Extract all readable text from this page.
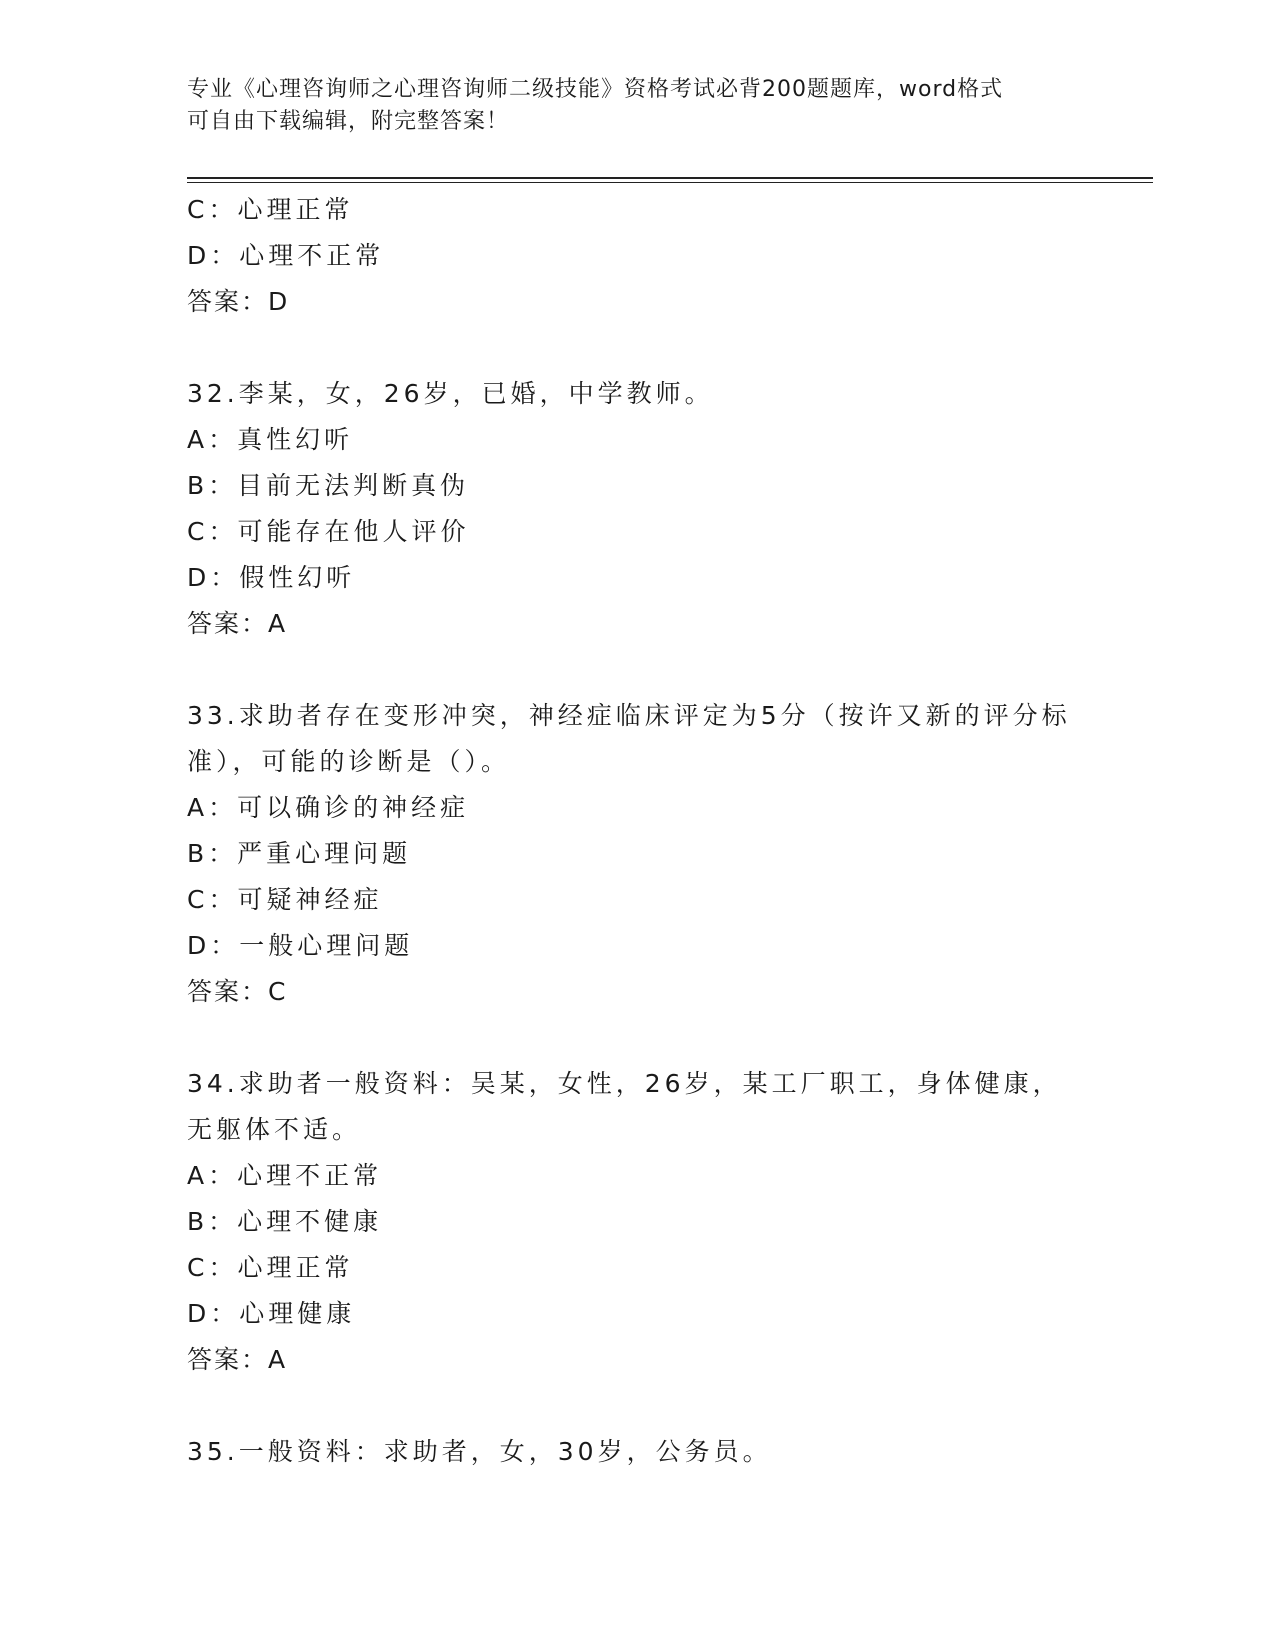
专业《心理咨询师之心理咨询师二级技能》资格考试必背200题题库，word格式
可自由下载编辑，附完整答案！
C：心理正常
D：心理不正常
答案：D
32.李某，女，26岁，已婚，中学教师。
A：真性幻听
B：目前无法判断真伪
C：可能存在他人评价
D：假性幻听
答案：A
33.求助者存在变形冲突，神经症临床评定为5分（按许又新的评分标准），可能的诊断是（）。
A：可以确诊的神经症
B：严重心理问题
C：可疑神经症
D：一般心理问题
答案：C
34.求助者一般资料：吴某，女性，26岁，某工厂职工，身体健康，无躯体不适。
A：心理不正常
B：心理不健康
C：心理正常
D：心理健康
答案：A
35.一般资料：求助者，女，30岁，公务员。
